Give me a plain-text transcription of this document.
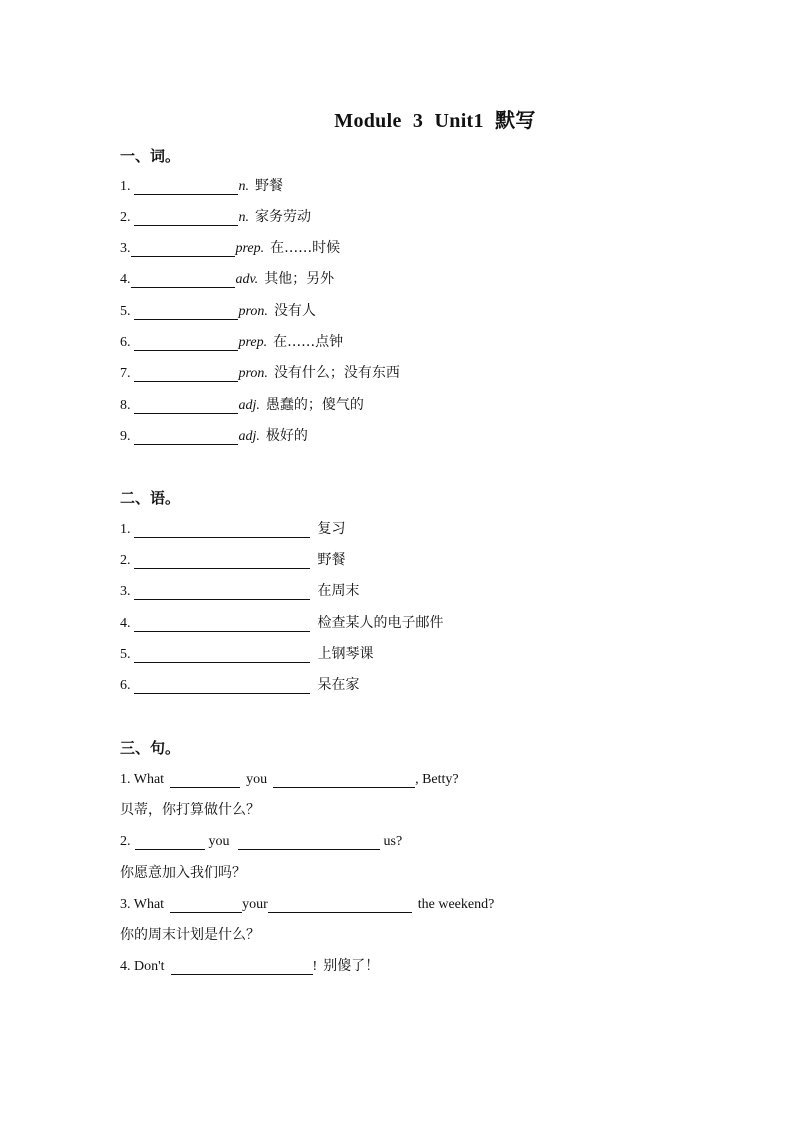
Module 3 Unit1 默写
一、词。
1.	n. 野餐
2.	n. 家务劳动
3.	prep. 在……时候
4.	adv. 其他；另外
5.	pron. 没有人
6.	prep. 在……点钟
7.	pron. 没有什么；没有东西
8.	adj. 愚蠢的；傻气的
9.	adj. 极好的
二、语。
1.	复习
2.	野餐
3.	在周末
4.	检查某人的电子邮件
5.	上钢琴课
6.	呆在家
三、句。
1. What	you	, Betty?
贝蒂，你打算做什么？
2.	you	us?
你愿意加入我们吗？
3. What	your	the weekend?
你的周末计划是什么？
4. Don't	! 别傻了！
